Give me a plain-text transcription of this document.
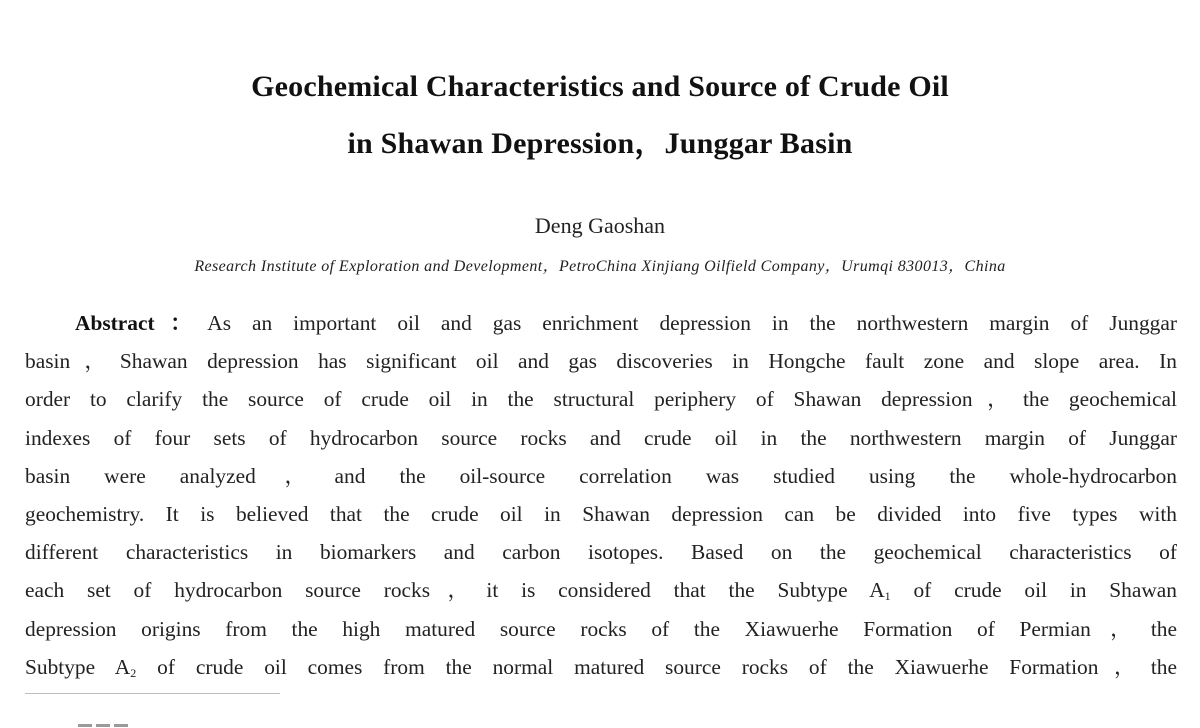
Geochemical Characteristics and Source of Crude Oil
in Shawan Depression，Junggar Basin
Deng Gaoshan
Research Institute of Exploration and Development，PetroChina Xinjiang Oilfield Company，Urumqi 830013，China
Abstract：As an important oil and gas enrichment depression in the northwestern margin of Junggar
basin，Shawan depression has significant oil and gas discoveries in Hongche fault zone and slope area. In
order to clarify the source of crude oil in the structural periphery of Shawan depression，the geochemical
indexes of four sets of hydrocarbon source rocks and crude oil in the northwestern margin of Junggar
basin were analyzed，and the oil-source correlation was studied using the whole-hydrocarbon
geochemistry. It is believed that the crude oil in Shawan depression can be divided into five types with
different characteristics in biomarkers and carbon isotopes. Based on the geochemical characteristics of
each set of hydrocarbon source rocks，it is considered that the Subtype $A_1$ of crude oil in Shawan
depression origins from the high matured source rocks of the Xiawuerhe Formation of Permian，the
Subtype $A_2$ of crude oil comes from the normal matured source rocks of the Xiawuerhe Formation，the
